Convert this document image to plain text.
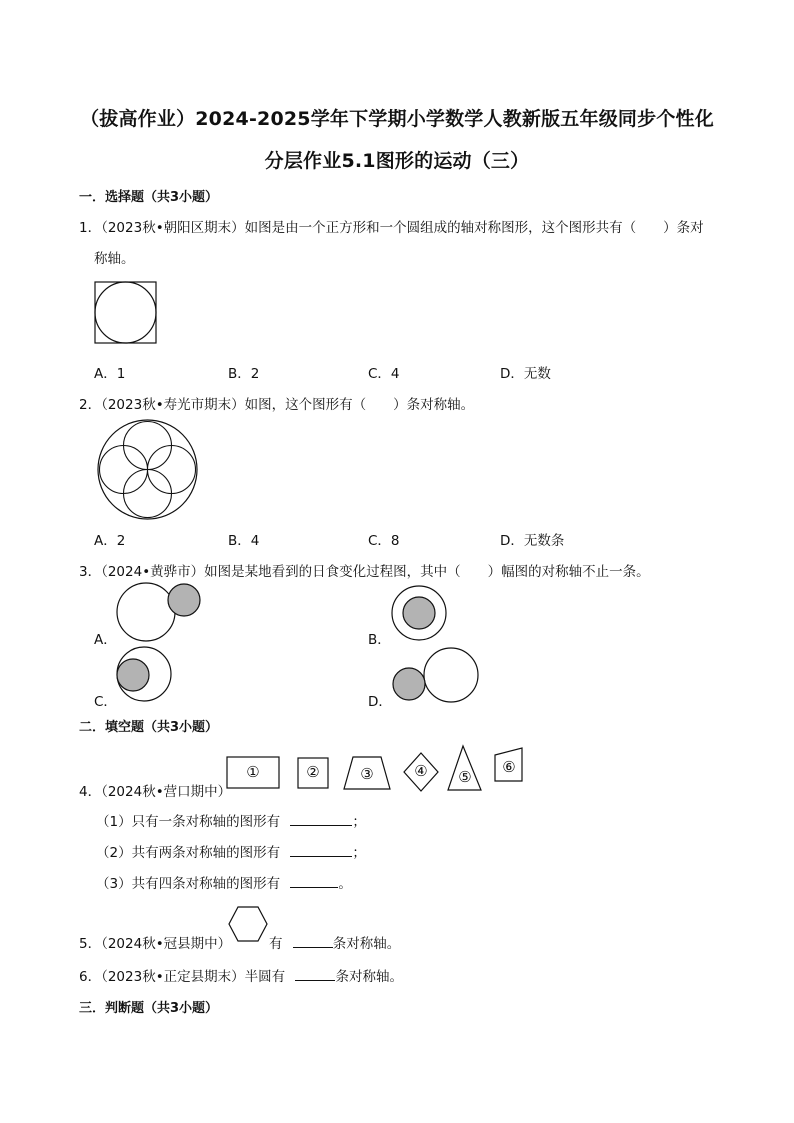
（拔高作业）2024-2025学年下学期小学数学人教新版五年级同步个性化
分层作业5.1图形的运动（三）
一．选择题（共3小题）
1．（2023秋•朝阳区期末）如图是由一个正方形和一个圆组成的轴对称图形，这个图形共有（　　）条对
称轴。
A．1	B．2	C．4	D．无数
2．（2023秋•寿光市期末）如图，这个图形有（　　）条对称轴。
A．2	B．4	C．8	D．无数条
3．（2024•黄骅市）如图是某地看到的日食变化过程图，其中（　　）幅图的对称轴不止一条。
A．	B．
C．	D．
二．填空题（共3小题）
4．（2024秋•营口期中）
①	②	③	④	⑤
⑥
（1）只有一条对称轴的图形有	；
（2）共有两条对称轴的图形有	；
（3）共有四条对称轴的图形有	。
5．（2024秋•冠县期中）	有	条对称轴。
6．（2023秋•正定县期末）半圆有	条对称轴。
三．判断题（共3小题）
